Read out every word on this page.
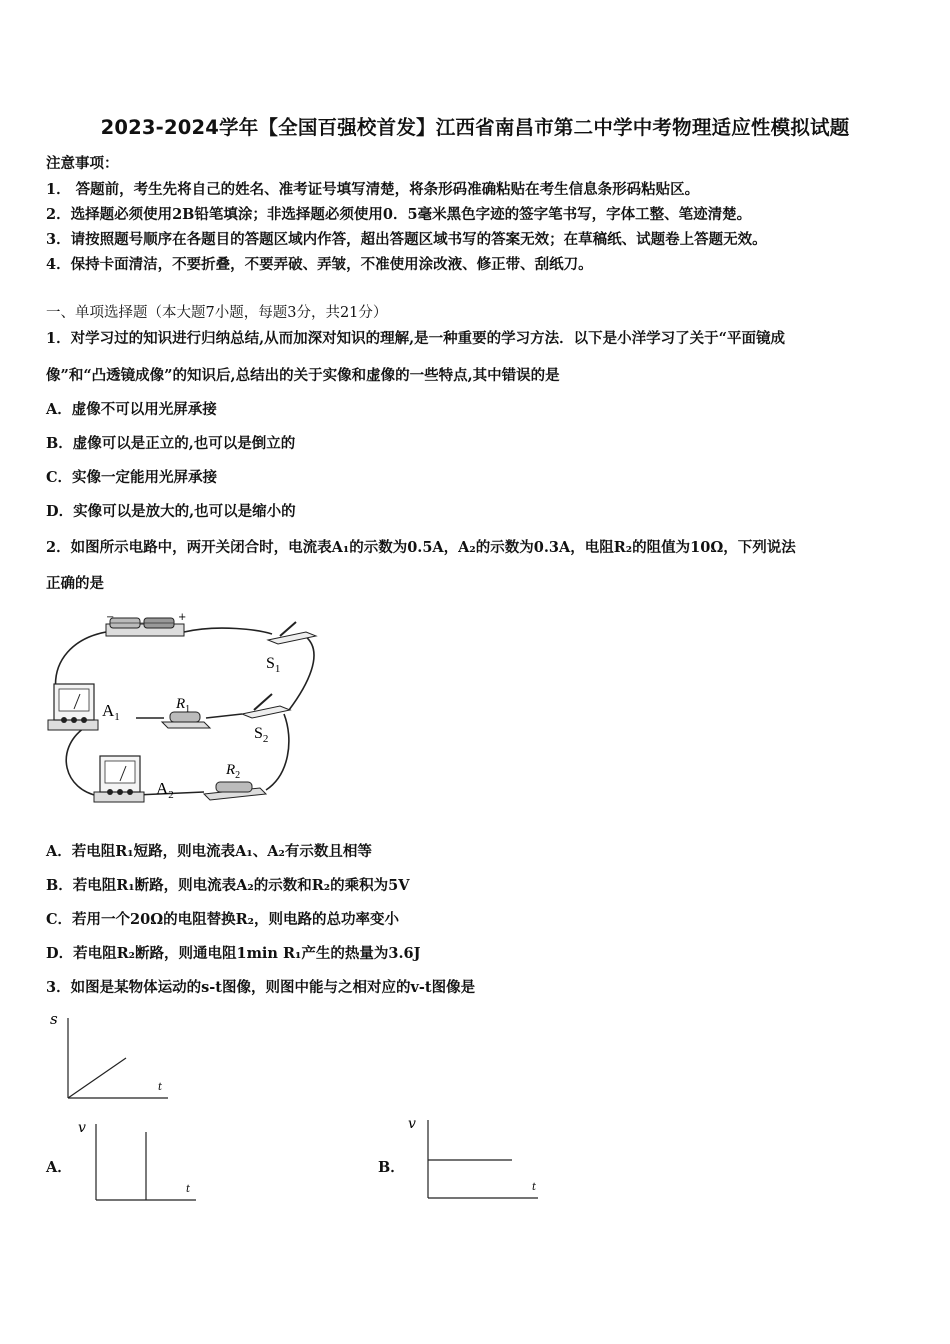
2023-2024学年【全国百强校首发】江西省南昌市第二中学中考物理适应性模拟试题
注意事项：
1． 答题前，考生先将自己的姓名、准考证号填写清楚，将条形码准确粘贴在考生信息条形码粘贴区。
2．选择题必须使用2B铅笔填涂；非选择题必须使用0．5毫米黑色字迹的签字笔书写，字体工整、笔迹清楚。
3．请按照题号顺序在各题目的答题区域内作答，超出答题区域书写的答案无效；在草稿纸、试题卷上答题无效。
4．保持卡面清洁，不要折叠，不要弄破、弄皱，不准使用涂改液、修正带、刮纸刀。
一、单项选择题（本大题7小题，每题3分，共21分）
1．对学习过的知识进行归纳总结,从而加深对知识的理解,是一种重要的学习方法．以下是小洋学习了关于“平面镜成
像”和“凸透镜成像”的知识后,总结出的关于实像和虚像的一些特点,其中错误的是
A．虚像不可以用光屏承接
B．虚像可以是正立的,也可以是倒立的
C．实像一定能用光屏承接
D．实像可以是放大的,也可以是缩小的
2．如图所示电路中，两开关闭合时，电流表A₁的示数为0.5A，A₂的示数为0.3A，电阻R₂的阻值为10Ω，下列说法
正确的是
−	+
$S_1$
$S_2$
$A_1$
$R_1$
$A_2$
$R_2$
A．若电阻R₁短路，则电流表A₁、A₂有示数且相等
B．若电阻R₁断路，则电流表A₂的示数和R₂的乘积为5V
C．若用一个20Ω的电阻替换R₂，则电路的总功率变小
D．若电阻R₂断路，则通电阻1min R₁产生的热量为3.6J
3．如图是某物体运动的s-t图像，则图中能与之相对应的v-t图像是
s
t
A．
v
t
B．
v
t
